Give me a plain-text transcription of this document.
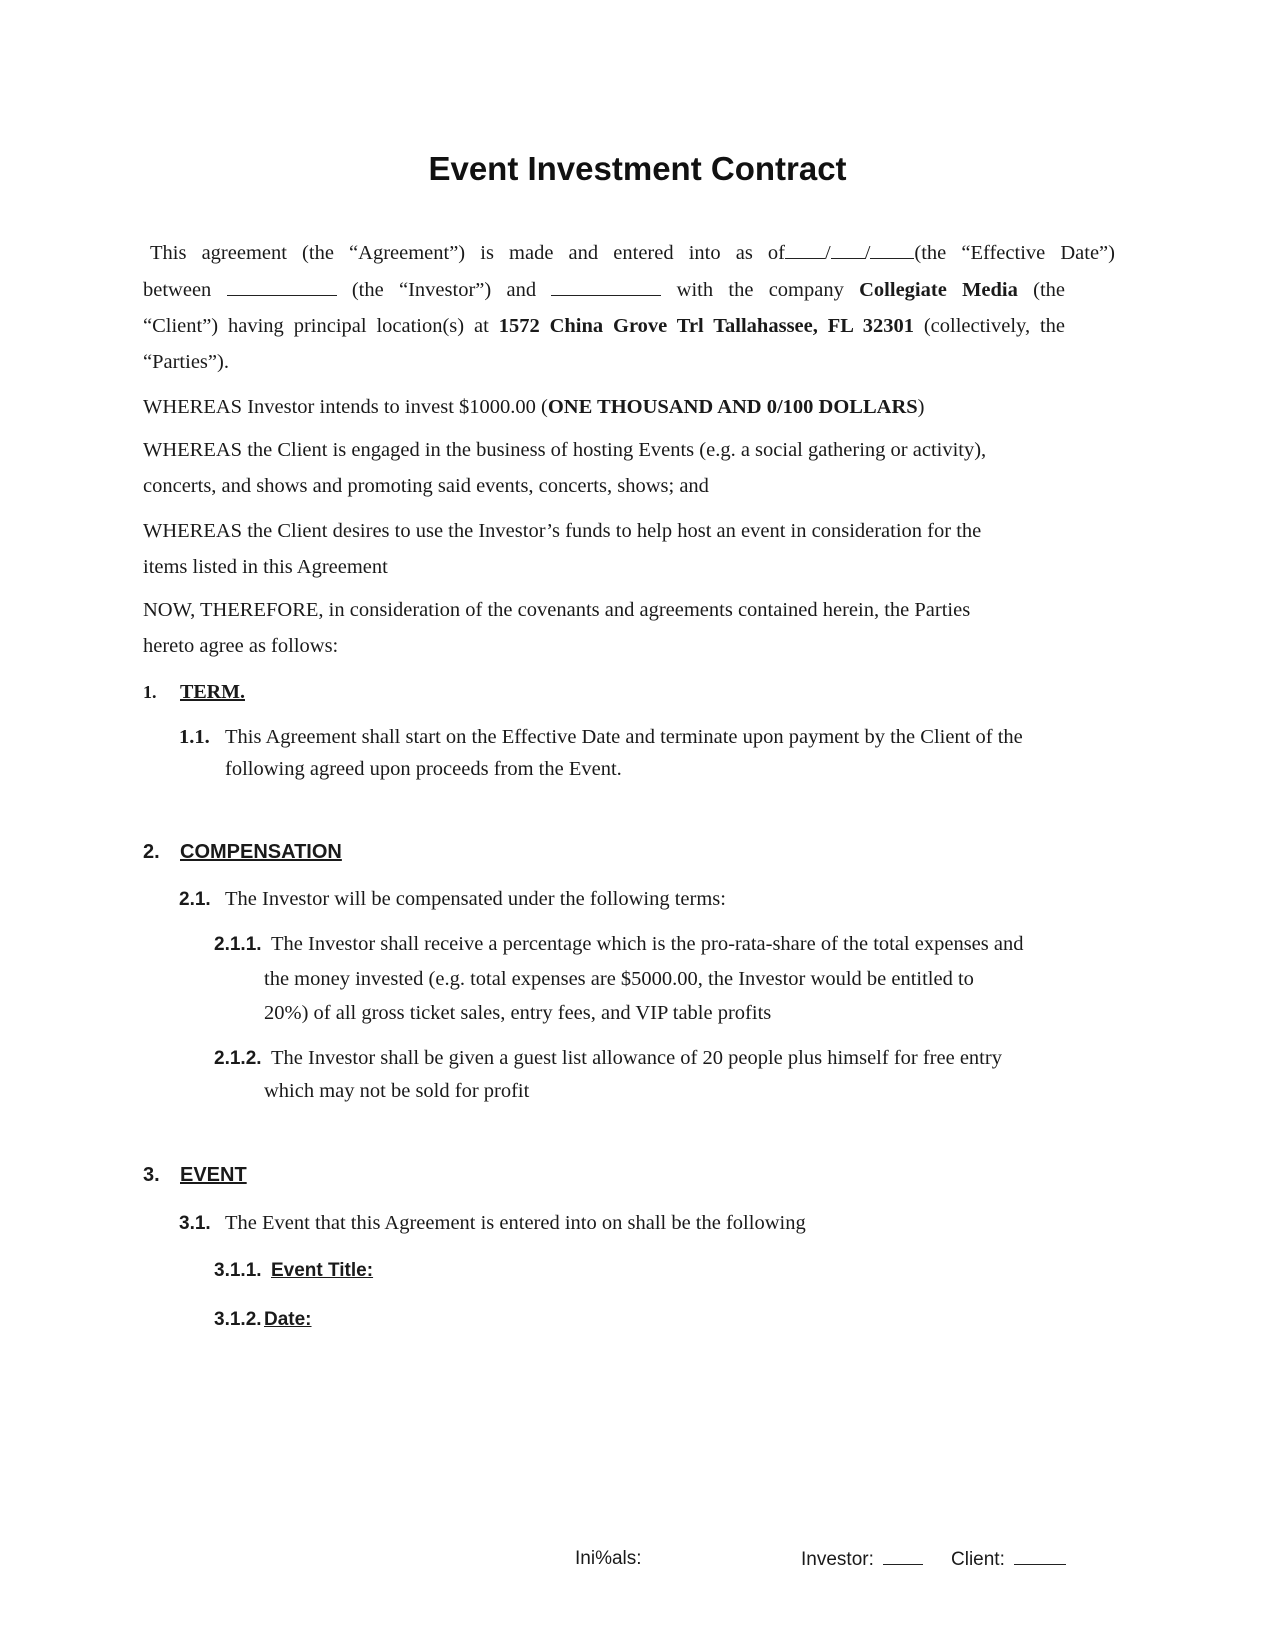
Event Investment Contract
This agreement (the “Agreement”) is made and entered into as of / / (the “Effective Date”)
between	(the “Investor”) and	with the company Collegiate Media (the
“Client”) having principal location(s) at 1572 China Grove Trl Tallahassee, FL 32301 (collectively, the
“Parties”).
WHEREAS Investor intends to invest $1000.00 (ONE THOUSAND AND 0/100 DOLLARS)
WHEREAS the Client is engaged in the business of hosting Events (e.g. a social gathering or activity),
concerts, and shows and promoting said events, concerts, shows; and
WHEREAS the Client desires to use the Investor’s funds to help host an event in consideration for the
items listed in this Agreement
NOW, THEREFORE, in consideration of the covenants and agreements contained herein, the Parties
hereto agree as follows:
1. TERM.
1.1. This Agreement shall start on the Effective Date and terminate upon payment by the Client of the
following agreed upon proceeds from the Event.
2. COMPENSATION
2.1. The Investor will be compensated under the following terms:
2.1.1. The Investor shall receive a percentage which is the pro-rata-share of the total expenses and
the money invested (e.g. total expenses are $5000.00, the Investor would be entitled to
20%) of all gross ticket sales, entry fees, and VIP table profits
2.1.2. The Investor shall be given a guest list allowance of 20 people plus himself for free entry
which may not be sold for profit
3. EVENT
3.1. The Event that this Agreement is entered into on shall be the following
3.1.1. Event Title:
3.1.2. Date:
Ini%als:	Investor:	Client:
